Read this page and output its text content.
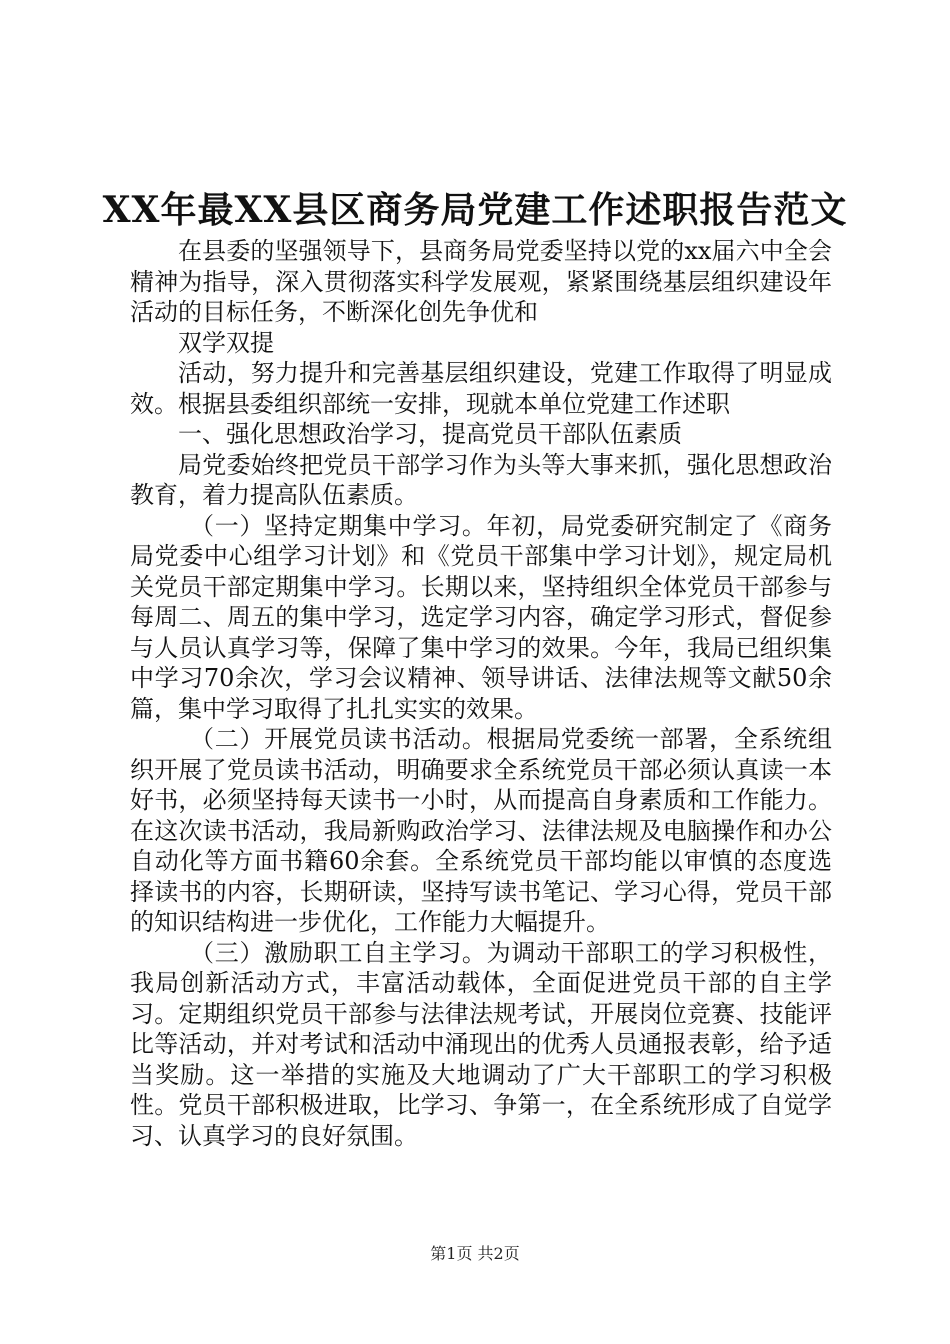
XX年最XX县区商务局党建工作述职报告范文

在县委的坚强领导下，县商务局党委坚持以党的xx届六中全会精神为指导，深入贯彻落实科学发展观，紧紧围绕基层组织建设年活动的目标任务，不断深化创先争优和

双学双提

活动，努力提升和完善基层组织建设，党建工作取得了明显成效。根据县委组织部统一安排，现就本单位党建工作述职

一、强化思想政治学习，提高党员干部队伍素质

局党委始终把党员干部学习作为头等大事来抓，强化思想政治教育，着力提高队伍素质。

（一）坚持定期集中学习。年初，局党委研究制定了《商务局党委中心组学习计划》和《党员干部集中学习计划》，规定局机关党员干部定期集中学习。长期以来，坚持组织全体党员干部参与每周二、周五的集中学习，选定学习内容，确定学习形式，督促参与人员认真学习等，保障了集中学习的效果。今年，我局已组织集中学习70余次，学习会议精神、领导讲话、法律法规等文献50余篇，集中学习取得了扎扎实实的效果。

（二）开展党员读书活动。根据局党委统一部署，全系统组织开展了党员读书活动，明确要求全系统党员干部必须认真读一本好书，必须坚持每天读书一小时，从而提高自身素质和工作能力。在这次读书活动，我局新购政治学习、法律法规及电脑操作和办公自动化等方面书籍60余套。全系统党员干部均能以审慎的态度选择读书的内容，长期研读，坚持写读书笔记、学习心得，党员干部的知识结构进一步优化，工作能力大幅提升。

（三）激励职工自主学习。为调动干部职工的学习积极性，我局创新活动方式，丰富活动载体，全面促进党员干部的自主学习。定期组织党员干部参与法律法规考试，开展岗位竞赛、技能评比等活动，并对考试和活动中涌现出的优秀人员通报表彰，给予适当奖励。这一举措的实施及大地调动了广大干部职工的学习积极性。党员干部积极进取，比学习、争第一，在全系统形成了自觉学习、认真学习的良好氛围。

第1页 共2页
